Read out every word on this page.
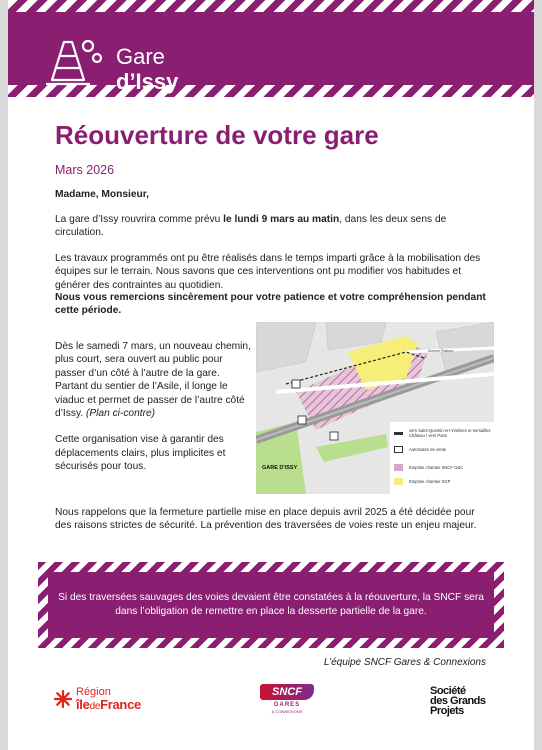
Gare
d’Issy
Réouverture de votre gare
Mars 2026
Madame, Monsieur,
La gare d’Issy rouvrira comme prévu le lundi 9 mars au matin, dans les deux sens de circulation.
Les travaux programmés ont pu être réalisés dans le temps imparti grâce à la mobilisation des équipes sur le terrain. Nous savons que ces interventions ont pu modifier vos habitudes et générer des contraintes au quotidien.
Nous vous remercions sincèrement pour votre patience et votre compréhension pendant cette période.

Dès le samedi 7 mars, un nouveau chemin, plus court, sera ouvert au public pour passer d’un côté à l’autre de la gare.

Partant du sentier de l’Asile, il longe le viaduc et permet de passer de l’autre côté d’Issy. (Plan ci-contre)

Cette organisation vise à garantir des déplacements clairs, plus implicites et sécurisés pour tous.	GARE D'ISSY
Avenue Pasteur
vers Saint-Quentin-en-Yvelines et Versailles Château / vers Paris
Automates de vente
Emprise chantier SNCF G&C
Emprise chantier SGP
Nous rappelons que la fermeture partielle mise en place depuis avril 2025 a été décidée pour des raisons strictes de sécurité. La prévention des traversées de voies reste un enjeu majeur.
Si des traversées sauvages des voies devaient être constatées à la réouverture, la SNCF sera dans l’obligation de remettre en place la desserte partielle de la gare.
L’équipe SNCF Gares & Connexions
Région
îledeFrance
SNCF
GARES
& CONNEXIONS
Société
des Grands
Projets
